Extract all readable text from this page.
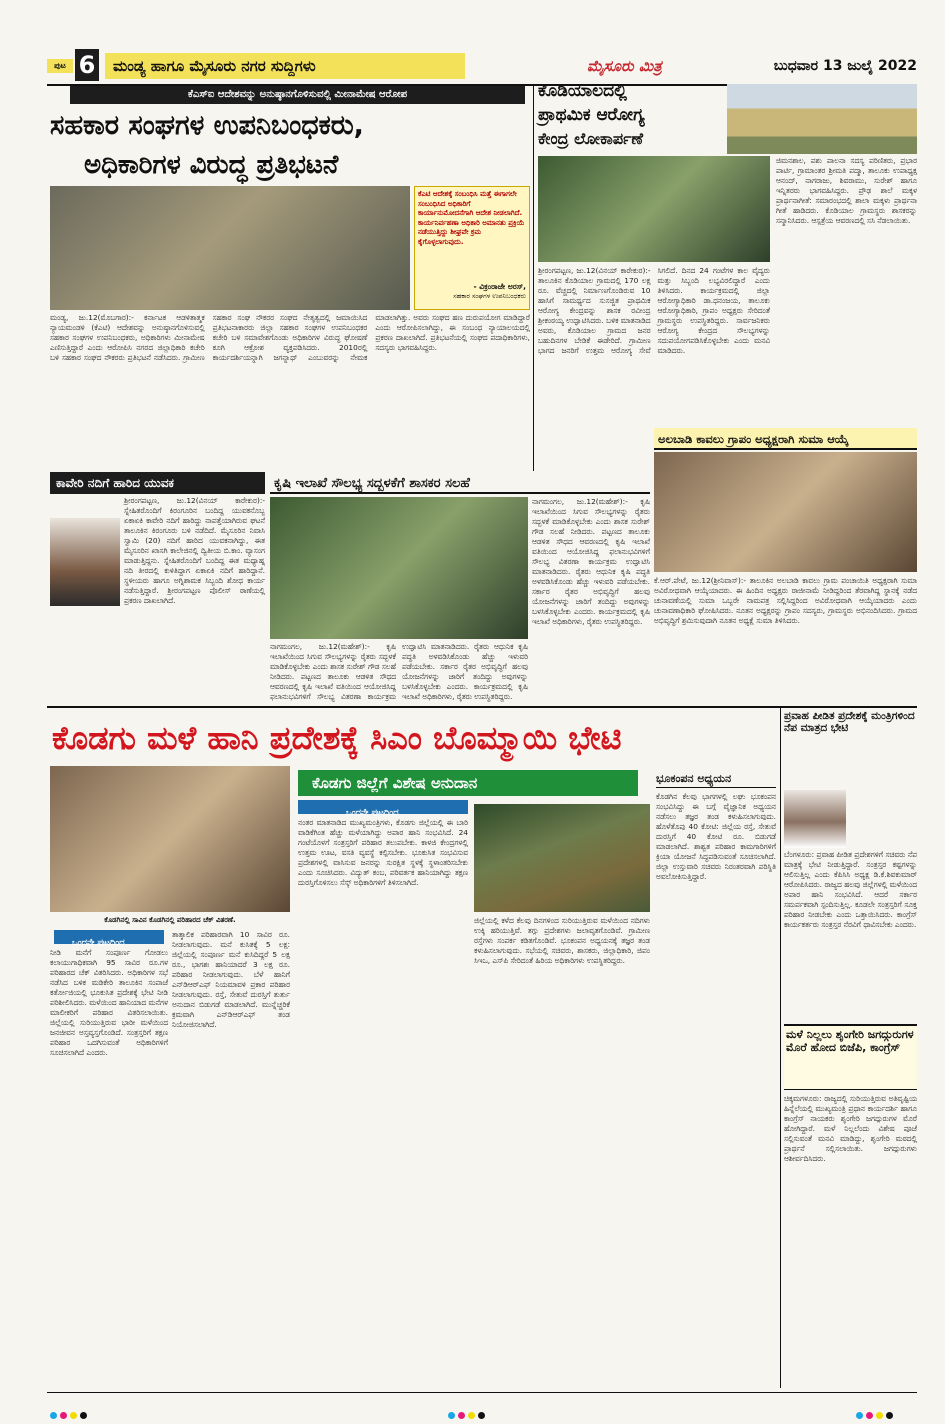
ಪುಟ 6	ಮಂಡ್ಯ ಹಾಗೂ ಮೈಸೂರು ನಗರ ಸುದ್ದಿಗಳು	ಮೈಸೂರು ಮಿತ್ರ	ಬುಧವಾರ 13 ಜುಲೈ 2022
ಕೆಎಸ್ಐ ಆದೇಶವನ್ನು ಅನುಷ್ಠಾನಗೊಳಿಸುವಲ್ಲಿ ಮೀನಾಮೇಷ ಆರೋಪ
ಸಹಕಾರ ಸಂಘಗಳ ಉಪನಿಬಂಧಕರು,
ಅಧಿಕಾರಿಗಳ ವಿರುದ್ಧ ಪ್ರತಿಭಟನೆ
ಕೆಎಟಿ ಆದೇಶಕ್ಕೆ ಸಂಬಂಧಿಸಿ ಮತ್ತೆ ಈಗಾಗಲೇ ಸಂಬಂಧಿಸಿದ ಅಧಿಕಾರಿಗೆ ಕಾರ್ಯಾನುಮೋದನೆಗಾಗಿ ಆದೇಶ ನೀಡಲಾಗಿದೆ. ಕಾರ್ಯನಿರ್ವಹಣಾ ಅಧಿಕಾರಿ ಅಮಾನತು ಪ್ರಕ್ರಿಯೆ ನಡೆಯುತ್ತಿದ್ದು ಶೀಘ್ರವೇ ಕ್ರಮ ಕೈಗೊಳ್ಳಲಾಗುವುದು.
- ವಿಕ್ರಂರಾಜೇ ಅರಸ್,
ಸಹಕಾರ ಸಂಘಗಳ ಉಪನಿಬಂಧಕರು
ಮಂಡ್ಯ, ಜು.12(ಮೊಬಗಾರ):- ಕರ್ನಾಟಕ ಆಡಳಿತಾತ್ಮಕ ನ್ಯಾಯಮಂಡಳಿ (ಕೆಎಟಿ) ಆದೇಶವನ್ನು ಅನುಷ್ಠಾನಗೊಳಿಸುವಲ್ಲಿ ಸಹಕಾರ ಸಂಘಗಳ ಉಪನಿಬಂಧಕರು, ಅಧಿಕಾರಿಗಳು ಮೀನಾಮೇಷ ಎಣಿಸುತ್ತಿದ್ದಾರೆ ಎಂದು ಆರೋಪಿಸಿ ನಗರದ ಜಿಲ್ಲಾಧಿಕಾರಿ ಕಚೇರಿ ಬಳಿ ಸಹಕಾರ ಸಂಘದ ನೌಕರರು ಪ್ರತಿಭಟನೆ ನಡೆಸಿದರು. ಗ್ರಾಮೀಣ ಸಹಕಾರ ಸಂಘ ನೌಕರರ ಸಂಘದ ನೇತೃತ್ವದಲ್ಲಿ ಜಮಾಯಿಸಿದ ಪ್ರತಿಭಟನಾಕಾರರು ಜಿಲ್ಲಾ ಸಹಕಾರ ಸಂಘಗಳ ಉಪನಿಬಂಧಕರ ಕಚೇರಿ ಬಳಿ ಸಮಾವೇಶಗೊಂಡು ಅಧಿಕಾರಿಗಳ ವಿರುದ್ಧ ಘೋಷಣೆ ಕೂಗಿ ಆಕ್ರೋಶ ವ್ಯಕ್ತಪಡಿಸಿದರು. 2010ರಲ್ಲಿ ಕಾರ್ಯದರ್ಶಿಯನ್ನಾಗಿ ಜಗನ್ನಾಥ್ ಎಂಬುವರನ್ನು ನೇಮಕ ಮಾಡಲಾಗಿತ್ತು. ಅವರು ಸಂಘದ ಹಣ ದುರುಪಯೋಗ ಮಾಡಿದ್ದಾರೆ ಎಂದು ಆರೋಪಿಸಲಾಗಿದ್ದು, ಈ ಸಂಬಂಧ ನ್ಯಾಯಾಲಯದಲ್ಲಿ ಪ್ರಕರಣ ದಾಖಲಾಗಿದೆ. ಪ್ರತಿಭಟನೆಯಲ್ಲಿ ಸಂಘದ ಪದಾಧಿಕಾರಿಗಳು, ಸದಸ್ಯರು ಭಾಗವಹಿಸಿದ್ದರು.
ಕೊಡಿಯಾಲದಲ್ಲಿ
ಪ್ರಾಥಮಿಕ ಆರೋಗ್ಯ
ಕೇಂದ್ರ ಲೋಕಾರ್ಪಣೆ
ಶ್ರೀರಂಗಪಟ್ಟಣ, ಜು.12(ವಿನಯ್ ಕಾರೇಕುರ):- ತಾಲೂಕಿನ ಕೊಡಿಯಾಲ ಗ್ರಾಮದಲ್ಲಿ 170 ಲಕ್ಷ ರೂ. ವೆಚ್ಚದಲ್ಲಿ ನಿರ್ಮಾಣಗೊಂಡಿರುವ 10 ಹಾಸಿಗೆ ಸಾಮರ್ಥ್ಯದ ಸುಸಜ್ಜಿತ ಪ್ರಾಥಮಿಕ ಆರೋಗ್ಯ ಕೇಂದ್ರವನ್ನು ಶಾಸಕ ರವೀಂದ್ರ ಶ್ರೀಕಂಠಯ್ಯ ಉದ್ಘಾಟಿಸಿದರು. ಬಳಿಕ ಮಾತನಾಡಿದ ಅವರು, ಕೊಡಿಯಾಲ ಗ್ರಾಮದ ಜನರ ಬಹುದಿನಗಳ ಬೇಡಿಕೆ ಈಡೇರಿದೆ. ಗ್ರಾಮೀಣ ಭಾಗದ ಜನರಿಗೆ ಉತ್ತಮ ಆರೋಗ್ಯ ಸೇವೆ ಸಿಗಲಿದೆ. ದಿನದ 24 ಗಂಟೆಗಳ ಕಾಲ ವೈದ್ಯರು ಮತ್ತು ಸಿಬ್ಬಂದಿ ಲಭ್ಯವಿರಲಿದ್ದಾರೆ ಎಂದು ತಿಳಿಸಿದರು. ಕಾರ್ಯಕ್ರಮದಲ್ಲಿ ಜಿಲ್ಲಾ ಆರೋಗ್ಯಾಧಿಕಾರಿ ಡಾ.ಧನಂಜಯ, ತಾಲೂಕು ಆರೋಗ್ಯಾಧಿಕಾರಿ, ಗ್ರಾಪಂ ಅಧ್ಯಕ್ಷರು ಸೇರಿದಂತೆ ಗ್ರಾಮಸ್ಥರು ಉಪಸ್ಥಿತರಿದ್ದರು. ಸಾರ್ವಜನಿಕರು ಆರೋಗ್ಯ ಕೇಂದ್ರದ ಸೌಲಭ್ಯಗಳನ್ನು ಸದುಪಯೋಗಪಡಿಸಿಕೊಳ್ಳಬೇಕು ಎಂದು ಮನವಿ ಮಾಡಿದರು.
ಜಿಮನಶಾಲ, ಪಶು ಪಾಲನಾ ಸದಸ್ಯ ಪರಿಣಿತರು, ಪ್ರಭಾರ ಪಾರ್ಟಿ, ಗ್ರಾಮಾಂತರ ಶ್ರೀಮತಿ ಪದ್ಮಾ, ತಾಲೂಕು ಉಪಾಧ್ಯಕ್ಷ ಆನಂದ್, ನಾಗರಾಜು, ಶಿವರಾಮು, ಸುರೇಶ್ ಹಾಗೂ ಇನ್ನಿತರರು ಭಾಗವಹಿಸಿದ್ದರು. ಪ್ರೌಢ ಶಾಲೆ ಮಕ್ಕಳ ಪ್ರಾರ್ಥನಾಗೀತೆ: ಸಮಾರಂಭದಲ್ಲಿ ಶಾಲಾ ಮಕ್ಕಳು ಪ್ರಾರ್ಥನಾ ಗೀತೆ ಹಾಡಿದರು. ಕೊಡಿಯಾಲ ಗ್ರಾಮಸ್ಥರು ಶಾಸಕರನ್ನು ಸನ್ಮಾನಿಸಿದರು. ಆಸ್ಪತ್ರೆಯ ಆವರಣದಲ್ಲಿ ಸಸಿ ನೆಡಲಾಯಿತು.
ಅಲಬಾಡಿ ಕಾವಲು ಗ್ರಾಪಂ ಅಧ್ಯಕ್ಷರಾಗಿ ಸುಮಾ ಆಯ್ಕೆ
ಕೆ.ಆರ್.ಪೇಟೆ, ಜು.12(ಶ್ರೀನಿವಾಸ್):- ತಾಲೂಕಿನ ಅಲಬಾಡಿ ಕಾವಲು ಗ್ರಾಮ ಪಂಚಾಯಿತಿ ಅಧ್ಯಕ್ಷರಾಗಿ ಸುಮಾ ಅವಿರೋಧವಾಗಿ ಆಯ್ಕೆಯಾದರು. ಈ ಹಿಂದಿನ ಅಧ್ಯಕ್ಷರು ರಾಜೀನಾಮೆ ನೀಡಿದ್ದರಿಂದ ತೆರವಾಗಿದ್ದ ಸ್ಥಾನಕ್ಕೆ ನಡೆದ ಚುನಾವಣೆಯಲ್ಲಿ ಸುಮಾ ಒಬ್ಬರೇ ನಾಮಪತ್ರ ಸಲ್ಲಿಸಿದ್ದರಿಂದ ಅವಿರೋಧವಾಗಿ ಆಯ್ಕೆಯಾದರು ಎಂದು ಚುನಾವಣಾಧಿಕಾರಿ ಘೋಷಿಸಿದರು. ನೂತನ ಅಧ್ಯಕ್ಷರನ್ನು ಗ್ರಾಪಂ ಸದಸ್ಯರು, ಗ್ರಾಮಸ್ಥರು ಅಭಿನಂದಿಸಿದರು. ಗ್ರಾಮದ ಅಭಿವೃದ್ಧಿಗೆ ಶ್ರಮಿಸುವುದಾಗಿ ನೂತನ ಅಧ್ಯಕ್ಷೆ ಸುಮಾ ತಿಳಿಸಿದರು.
ಕಾವೇರಿ ನದಿಗೆ ಹಾರಿದ ಯುವಕ
ಶ್ರೀರಂಗಪಟ್ಟಣ, ಜು.12(ವಿನಯ್ ಕಾರೇಕುರ):- ಸ್ನೇಹಿತರೊಂದಿಗೆ ಕಿರಂಗೂರಿನ ಬಂದಿದ್ದ ಯುವಕನೊಬ್ಬ ಏಕಾಏಕಿ ಕಾವೇರಿ ನದಿಗೆ ಹಾರಿದ್ದು ನಾಪತ್ತೆಯಾಗಿರುವ ಘಟನೆ ತಾಲೂಕಿನ ಕಿರಂಗೂರು ಬಳಿ ನಡೆದಿದೆ. ಮೈಸೂರಿನ ನಿವಾಸಿ ಸ್ವಾಮಿ (20) ನದಿಗೆ ಹಾರಿದ ಯುವಕನಾಗಿದ್ದು, ಈತ ಮೈಸೂರಿನ ಖಾಸಗಿ ಕಾಲೇಜಿನಲ್ಲಿ ದ್ವಿತೀಯ ಬಿ.ಕಾಂ. ವ್ಯಾಸಂಗ ಮಾಡುತ್ತಿದ್ದನು. ಸ್ನೇಹಿತರೊಂದಿಗೆ ಬಂದಿದ್ದ ಈತ ಮಧ್ಯಾಹ್ನ ನದಿ ತೀರದಲ್ಲಿ ಕುಳಿತಿದ್ದಾಗ ಏಕಾಏಕಿ ನದಿಗೆ ಹಾರಿದ್ದಾನೆ. ಸ್ಥಳೀಯರು ಹಾಗೂ ಅಗ್ನಿಶಾಮಕ ಸಿಬ್ಬಂದಿ ಶೋಧ ಕಾರ್ಯ ನಡೆಸುತ್ತಿದ್ದಾರೆ. ಶ್ರೀರಂಗಪಟ್ಟಣ ಪೊಲೀಸ್ ಠಾಣೆಯಲ್ಲಿ ಪ್ರಕರಣ ದಾಖಲಾಗಿದೆ.
ಕೃಷಿ ಇಲಾಖೆ ಸೌಲಭ್ಯ ಸದ್ಬಳಕೆಗೆ ಶಾಸಕರ ಸಲಹೆ
ನಾಗಮಂಗಲ, ಜು.12(ಮಹೇಶ್):- ಕೃಷಿ ಇಲಾಖೆಯಿಂದ ಸಿಗುವ ಸೌಲಭ್ಯಗಳನ್ನು ರೈತರು ಸದ್ಬಳಕೆ ಮಾಡಿಕೊಳ್ಳಬೇಕು ಎಂದು ಶಾಸಕ ಸುರೇಶ್ ಗೌಡ ಸಲಹೆ ನೀಡಿದರು. ಪಟ್ಟಣದ ತಾಲೂಕು ಆಡಳಿತ ಸೌಧದ ಆವರಣದಲ್ಲಿ ಕೃಷಿ ಇಲಾಖೆ ವತಿಯಿಂದ ಆಯೋಜಿಸಿದ್ದ ಫಲಾನುಭವಿಗಳಿಗೆ ಸೌಲಭ್ಯ ವಿತರಣಾ ಕಾರ್ಯಕ್ರಮ ಉದ್ಘಾಟಿಸಿ ಮಾತನಾಡಿದರು. ರೈತರು ಆಧುನಿಕ ಕೃಷಿ ಪದ್ಧತಿ ಅಳವಡಿಸಿಕೊಂಡು ಹೆಚ್ಚು ಇಳುವರಿ ಪಡೆಯಬೇಕು. ಸರ್ಕಾರ ರೈತರ ಅಭಿವೃದ್ಧಿಗೆ ಹಲವು ಯೋಜನೆಗಳನ್ನು ಜಾರಿಗೆ ತಂದಿದ್ದು ಅವುಗಳನ್ನು ಬಳಸಿಕೊಳ್ಳಬೇಕು ಎಂದರು. ಕಾರ್ಯಕ್ರಮದಲ್ಲಿ ಕೃಷಿ ಇಲಾಖೆ ಅಧಿಕಾರಿಗಳು, ರೈತರು ಉಪಸ್ಥಿತರಿದ್ದರು.
ನಾಗಮಂಗಲ, ಜು.12(ಮಹೇಶ್):- ಕೃಷಿ ಇಲಾಖೆಯಿಂದ ಸಿಗುವ ಸೌಲಭ್ಯಗಳನ್ನು ರೈತರು ಸದ್ಬಳಕೆ ಮಾಡಿಕೊಳ್ಳಬೇಕು ಎಂದು ಶಾಸಕ ಸುರೇಶ್ ಗೌಡ ಸಲಹೆ ನೀಡಿದರು. ಪಟ್ಟಣದ ತಾಲೂಕು ಆಡಳಿತ ಸೌಧದ ಆವರಣದಲ್ಲಿ ಕೃಷಿ ಇಲಾಖೆ ವತಿಯಿಂದ ಆಯೋಜಿಸಿದ್ದ ಫಲಾನುಭವಿಗಳಿಗೆ ಸೌಲಭ್ಯ ವಿತರಣಾ ಕಾರ್ಯಕ್ರಮ ಉದ್ಘಾಟಿಸಿ ಮಾತನಾಡಿದರು. ರೈತರು ಆಧುನಿಕ ಕೃಷಿ ಪದ್ಧತಿ ಅಳವಡಿಸಿಕೊಂಡು ಹೆಚ್ಚು ಇಳುವರಿ ಪಡೆಯಬೇಕು. ಸರ್ಕಾರ ರೈತರ ಅಭಿವೃದ್ಧಿಗೆ ಹಲವು ಯೋಜನೆಗಳನ್ನು ಜಾರಿಗೆ ತಂದಿದ್ದು ಅವುಗಳನ್ನು ಬಳಸಿಕೊಳ್ಳಬೇಕು ಎಂದರು. ಕಾರ್ಯಕ್ರಮದಲ್ಲಿ ಕೃಷಿ ಇಲಾಖೆ ಅಧಿಕಾರಿಗಳು, ರೈತರು ಉಪಸ್ಥಿತರಿದ್ದರು.
ಕೊಡಗು ಮಳೆ ಹಾನಿ ಪ್ರದೇಶಕ್ಕೆ ಸಿಎಂ ಬೊಮ್ಮಾಯಿ ಭೇಟಿ
ಕೊಡಗು ಜಿಲ್ಲೆಗೆ ವಿಶೇಷ ಅನುದಾನ
ಕೊಡಗಿನಲ್ಲಿ ಸಾವಿನ ಕೊಡಗಿನಲ್ಲಿ ಪರಿಹಾರದ ಚೆಕ್ ವಿತರಣೆ.
ಒಂದನೇ ಪುಟದಿಂದ
ನೀಡಿ ಮನೆಗೆ ಸಂಪೂರ್ಣ ಗೋಡಲು ಕಲಾಯುಗಾಧಿಕವಾಗಿ 95 ಸಾವಿರ ರೂ.ಗಳ ಪರಿಹಾರದ ಚೆಕ್ ವಿತರಿಸಿದರು. ಅಧಿಕಾರಿಗಳ ಸಭೆ ನಡೆಸಿದ ಬಳಿಕ ಮಡಿಕೇರಿ ತಾಲೂಕಿನ ಸಂಪಾಜೆ ಕರ್ತೋಜಿಯಲ್ಲಿ ಭೂಕುಸಿತ ಪ್ರದೇಶಕ್ಕೆ ಭೇಟಿ ನೀಡಿ ಪರಿಶೀಲಿಸಿದರು. ಮಳೆಯಿಂದ ಹಾನಿಯಾದ ಮನೆಗಳ ಮಾಲೀಕರಿಗೆ ಪರಿಹಾರ ವಿತರಿಸಲಾಯಿತು. ಜಿಲ್ಲೆಯಲ್ಲಿ ಸುರಿಯುತ್ತಿರುವ ಭಾರೀ ಮಳೆಯಿಂದ ಜನಜೀವನ ಅಸ್ತವ್ಯಸ್ತಗೊಂಡಿದೆ. ಸಂತ್ರಸ್ತರಿಗೆ ತಕ್ಷಣ ಪರಿಹಾರ ಒದಗಿಸುವಂತೆ ಅಧಿಕಾರಿಗಳಿಗೆ ಸೂಚಿಸಲಾಗಿದೆ ಎಂದರು.
ತಾತ್ಕಾಲಿಕ ಪರಿಹಾರವಾಗಿ 10 ಸಾವಿರ ರೂ. ನೀಡಲಾಗುವುದು. ಮನೆ ಕುಸಿತಕ್ಕೆ 5 ಲಕ್ಷ: ಜಿಲ್ಲೆಯಲ್ಲಿ ಸಂಪೂರ್ಣ ಮನೆ ಕುಸಿದಿದ್ದರೆ 5 ಲಕ್ಷ ರೂ., ಭಾಗಶಃ ಹಾನಿಯಾದರೆ 3 ಲಕ್ಷ ರೂ. ಪರಿಹಾರ ನೀಡಲಾಗುವುದು. ಬೆಳೆ ಹಾನಿಗೆ ಎನ್‌ಡಿಆರ್‌ಎಫ್ ನಿಯಮಾವಳಿ ಪ್ರಕಾರ ಪರಿಹಾರ ನೀಡಲಾಗುವುದು. ರಸ್ತೆ, ಸೇತುವೆ ದುರಸ್ತಿಗೆ ತುರ್ತು ಅನುದಾನ ಬಿಡುಗಡೆ ಮಾಡಲಾಗಿದೆ. ಮುನ್ನೆಚ್ಚರಿಕೆ ಕ್ರಮವಾಗಿ ಎನ್‌ಡಿಆರ್‌ಎಫ್ ತಂಡ ನಿಯೋಜಿಸಲಾಗಿದೆ.
ಒಂದನೇ ಪುಟದಿಂದ
ನಂತರ ಮಾತನಾಡಿದ ಮುಖ್ಯಮಂತ್ರಿಗಳು, ಕೊಡಗು ಜಿಲ್ಲೆಯಲ್ಲಿ ಈ ಬಾರಿ ವಾಡಿಕೆಗಿಂತ ಹೆಚ್ಚು ಮಳೆಯಾಗಿದ್ದು ಅಪಾರ ಹಾನಿ ಸಂಭವಿಸಿದೆ. 24 ಗಂಟೆಯೊಳಗೆ ಸಂತ್ರಸ್ತರಿಗೆ ಪರಿಹಾರ ತಲುಪಬೇಕು. ಕಾಳಜಿ ಕೇಂದ್ರಗಳಲ್ಲಿ ಉತ್ತಮ ಊಟ, ವಸತಿ ವ್ಯವಸ್ಥೆ ಕಲ್ಪಿಸಬೇಕು. ಭೂಕುಸಿತ ಸಂಭವಿಸುವ ಪ್ರದೇಶಗಳಲ್ಲಿ ವಾಸಿಸುವ ಜನರನ್ನು ಸುರಕ್ಷಿತ ಸ್ಥಳಕ್ಕೆ ಸ್ಥಳಾಂತರಿಸಬೇಕು ಎಂದು ಸೂಚಿಸಿದರು. ವಿದ್ಯುತ್ ಕಂಬ, ಪರಿವರ್ತಕ ಹಾನಿಯಾಗಿದ್ದು ತಕ್ಷಣ ದುರಸ್ತಿಗೊಳಿಸಲು ಸೆಸ್ಕ್ ಅಧಿಕಾರಿಗಳಿಗೆ ತಿಳಿಸಲಾಗಿದೆ.
ಜಿಲ್ಲೆಯಲ್ಲಿ ಕಳೆದ ಕೆಲವು ದಿನಗಳಿಂದ ಸುರಿಯುತ್ತಿರುವ ಮಳೆಯಿಂದ ನದಿಗಳು ಉಕ್ಕಿ ಹರಿಯುತ್ತಿವೆ. ತಗ್ಗು ಪ್ರದೇಶಗಳು ಜಲಾವೃತಗೊಂಡಿವೆ. ಗ್ರಾಮೀಣ ರಸ್ತೆಗಳು ಸಂಪರ್ಕ ಕಡಿತಗೊಂಡಿವೆ. ಭೂಕಂಪನ ಅಧ್ಯಯನಕ್ಕೆ ತಜ್ಞರ ತಂಡ ಕಳುಹಿಸಲಾಗುವುದು. ಸಭೆಯಲ್ಲಿ ಸಚಿವರು, ಶಾಸಕರು, ಜಿಲ್ಲಾಧಿಕಾರಿ, ಜಿಪಂ ಸಿಇಒ, ಎಸ್‌ಪಿ ಸೇರಿದಂತೆ ಹಿರಿಯ ಅಧಿಕಾರಿಗಳು ಉಪಸ್ಥಿತರಿದ್ದರು.
ಭೂಕಂಪನ ಅಧ್ಯಯನ
ಕೊಡಗಿನ ಕೆಲವು ಭಾಗಗಳಲ್ಲಿ ಲಘು ಭೂಕಂಪನ ಸಂಭವಿಸಿದ್ದು ಈ ಬಗ್ಗೆ ವೈಜ್ಞಾನಿಕ ಅಧ್ಯಯನ ನಡೆಸಲು ತಜ್ಞರ ತಂಡ ಕಳುಹಿಸಲಾಗುವುದು. ಹೊಳೆತೊಪು 40 ಕೋಟಿ: ಜಿಲ್ಲೆಯ ರಸ್ತೆ, ಸೇತುವೆ ದುರಸ್ತಿಗೆ 40 ಕೋಟಿ ರೂ. ಬಿಡುಗಡೆ ಮಾಡಲಾಗಿದೆ. ಶಾಶ್ವತ ಪರಿಹಾರ ಕಾಮಗಾರಿಗಳಿಗೆ ಕ್ರಿಯಾ ಯೋಜನೆ ಸಿದ್ಧಪಡಿಸುವಂತೆ ಸೂಚಿಸಲಾಗಿದೆ. ಜಿಲ್ಲಾ ಉಸ್ತುವಾರಿ ಸಚಿವರು ನಿರಂತರವಾಗಿ ಪರಿಸ್ಥಿತಿ ಅವಲೋಕಿಸುತ್ತಿದ್ದಾರೆ.
ಪ್ರವಾಹ ಪೀಡಿತ ಪ್ರದೇಶಕ್ಕೆ ಮಂತ್ರಿಗಳಿಂದ ನೆಪ ಮಾತ್ರದ ಭೇಟಿ
ಬೆಂಗಳೂರು: ಪ್ರವಾಹ ಪೀಡಿತ ಪ್ರದೇಶಗಳಿಗೆ ಸಚಿವರು ನೆಪ ಮಾತ್ರಕ್ಕೆ ಭೇಟಿ ನೀಡುತ್ತಿದ್ದಾರೆ. ಸಂತ್ರಸ್ತರ ಕಷ್ಟಗಳನ್ನು ಆಲಿಸುತ್ತಿಲ್ಲ ಎಂದು ಕೆಪಿಸಿಸಿ ಅಧ್ಯಕ್ಷ ಡಿ.ಕೆ.ಶಿವಕುಮಾರ್ ಆರೋಪಿಸಿದರು. ರಾಜ್ಯದ ಹಲವು ಜಿಲ್ಲೆಗಳಲ್ಲಿ ಮಳೆಯಿಂದ ಅಪಾರ ಹಾನಿ ಸಂಭವಿಸಿದೆ. ಆದರೆ ಸರ್ಕಾರ ಸಮರ್ಪಕವಾಗಿ ಸ್ಪಂದಿಸುತ್ತಿಲ್ಲ. ಕೂಡಲೇ ಸಂತ್ರಸ್ತರಿಗೆ ಸೂಕ್ತ ಪರಿಹಾರ ನೀಡಬೇಕು ಎಂದು ಒತ್ತಾಯಿಸಿದರು. ಕಾಂಗ್ರೆಸ್ ಕಾರ್ಯಕರ್ತರು ಸಂತ್ರಸ್ತರ ನೆರವಿಗೆ ಧಾವಿಸಬೇಕು ಎಂದರು.
ಮಳೆ ನಿಲ್ಲಲು ಶೃಂಗೇರಿ ಜಗದ್ಗುರುಗಳ ಮೊರೆ ಹೋದ ಬಿಜೆಪಿ, ಕಾಂಗ್ರೆಸ್
ಚಿಕ್ಕಮಗಳೂರು: ರಾಜ್ಯದಲ್ಲಿ ಸುರಿಯುತ್ತಿರುವ ಅತಿವೃಷ್ಟಿಯ ಹಿನ್ನೆಲೆಯಲ್ಲಿ ಮುಖ್ಯಮಂತ್ರಿ ಪ್ರಧಾನ ಕಾರ್ಯದರ್ಶಿ ಹಾಗೂ ಕಾಂಗ್ರೆಸ್ ನಾಯಕರು ಶೃಂಗೇರಿ ಜಗದ್ಗುರುಗಳ ಮೊರೆ ಹೋಗಿದ್ದಾರೆ. ಮಳೆ ನಿಲ್ಲಲೆಂದು ವಿಶೇಷ ಪೂಜೆ ಸಲ್ಲಿಸುವಂತೆ ಮನವಿ ಮಾಡಿದ್ದು, ಶೃಂಗೇರಿ ಮಠದಲ್ಲಿ ಪ್ರಾರ್ಥನೆ ಸಲ್ಲಿಸಲಾಯಿತು. ಜಗದ್ಗುರುಗಳು ಆಶೀರ್ವದಿಸಿದರು.
